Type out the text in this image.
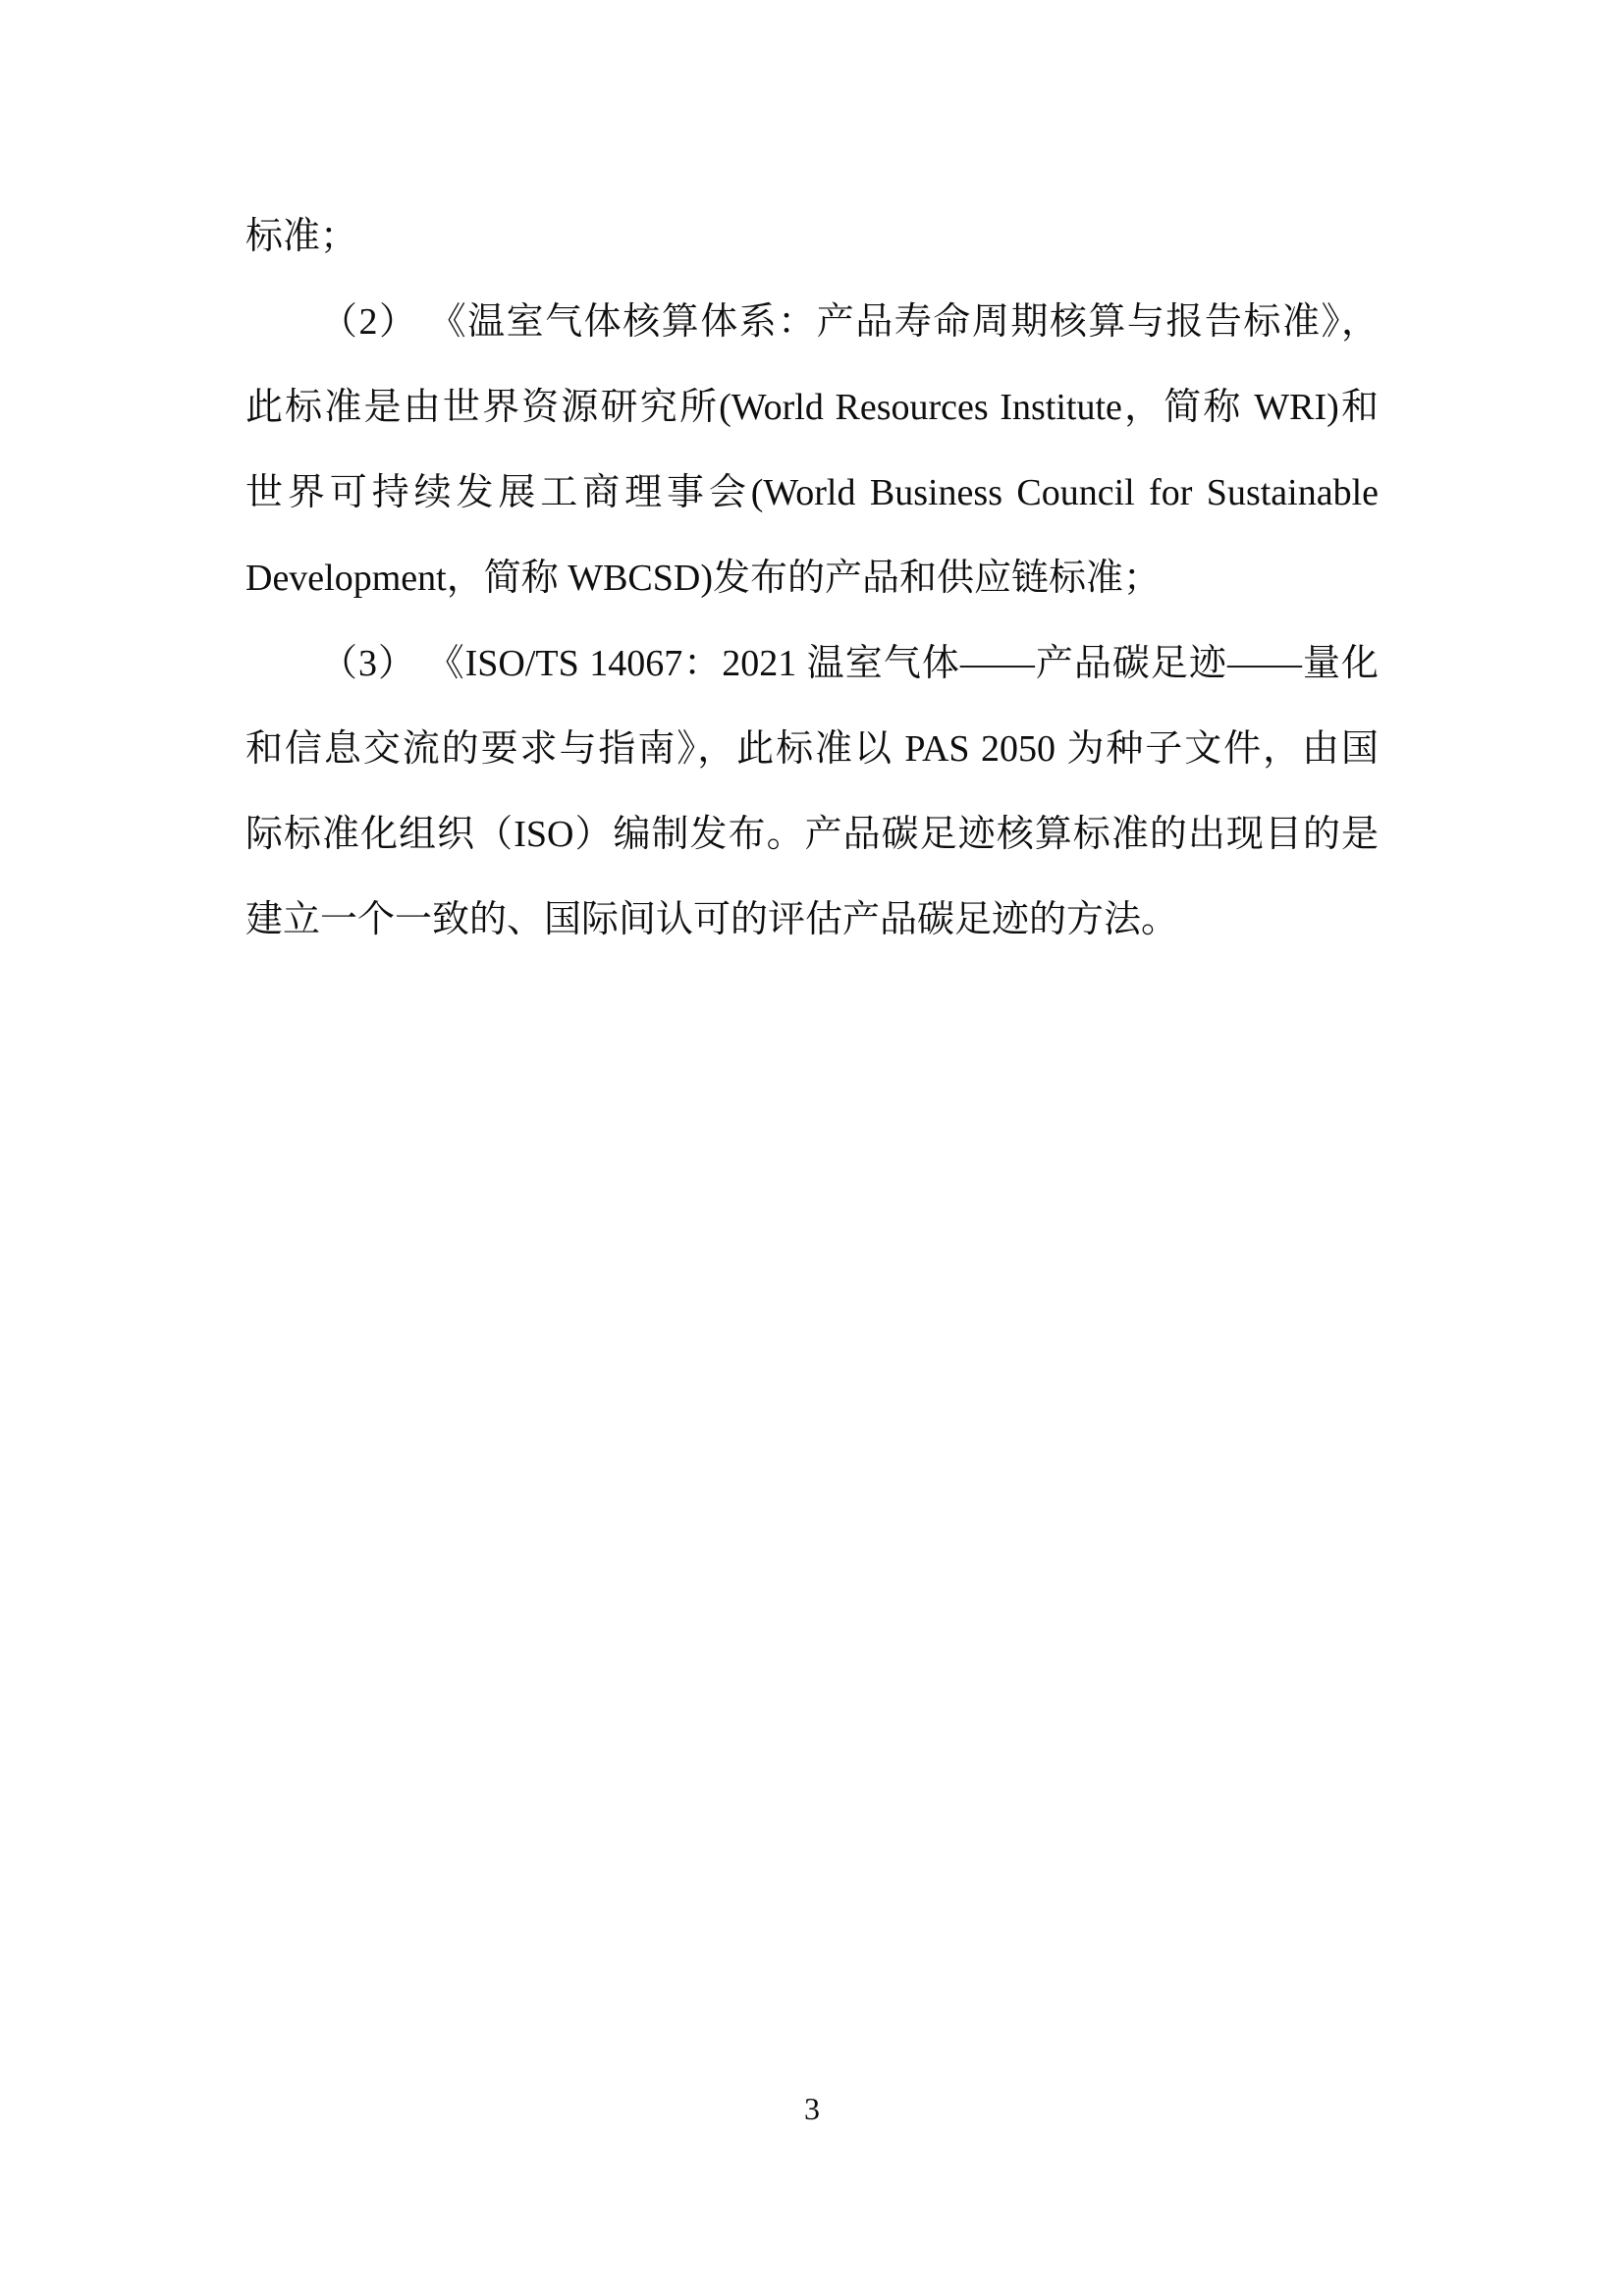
标准；
（2） 《温室气体核算体系：产品寿命周期核算与报告标准》，
此标准是由世界资源研究所(World Resources Institute，简称 WRI)和
世界可持续发展工商理事会(World Business Council for Sustainable
Development，简称 WBCSD)发布的产品和供应链标准；
（3） 《ISO/TS 14067：2021 温室气体——产品碳足迹——量化
和信息交流的要求与指南》，此标准以 PAS 2050 为种子文件，由国
际标准化组织（ISO）编制发布。产品碳足迹核算标准的出现目的是
建立一个一致的、国际间认可的评估产品碳足迹的方法。
3
